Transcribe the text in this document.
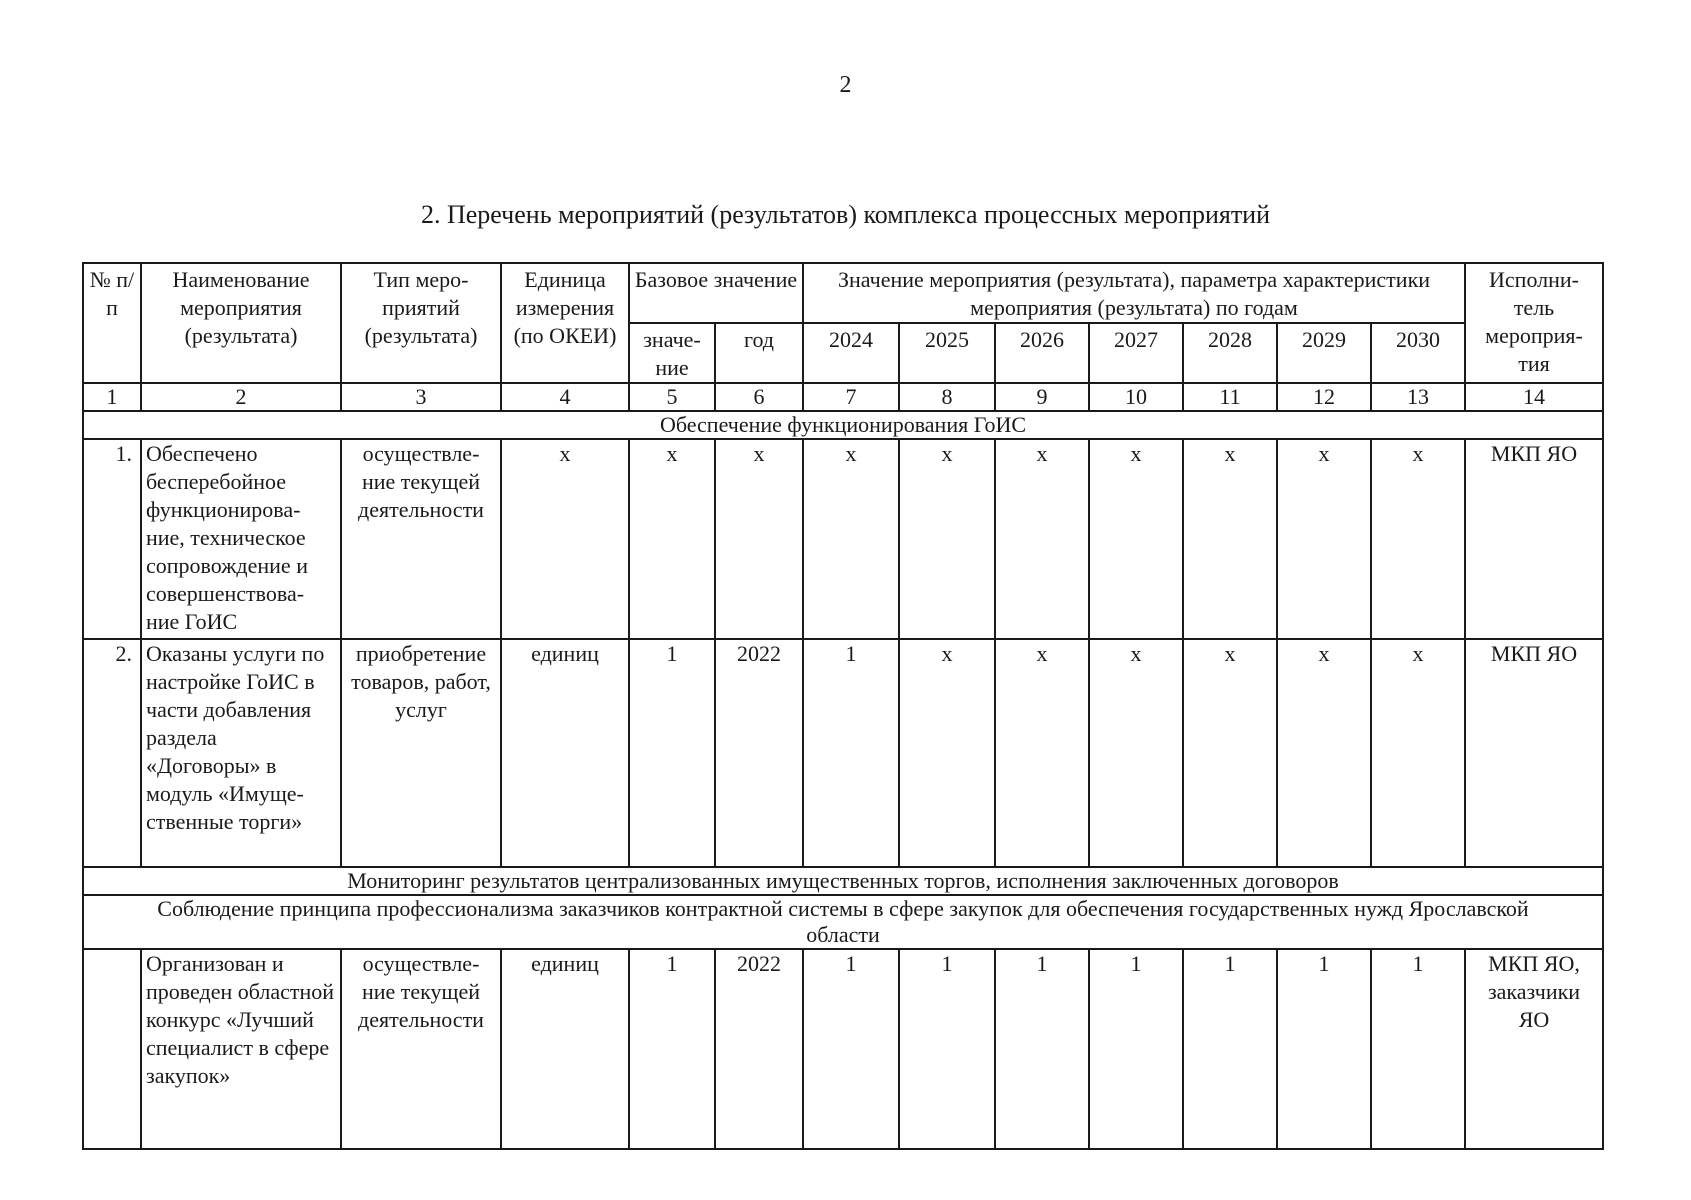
2
2. Перечень мероприятий (результатов) комплекса процессных мероприятий
№ п/п	Наименование мероприятия (результата)	Тип меро-приятий (результата)	Единица измерения (по ОКЕИ)	Базовое значение		Значение мероприятия (результата), параметра характеристики мероприятия (результата) по годам							Исполни-тель мероприя-тия
				значе-ние	год	2024	2025	2026	2027	2028	2029	2030	
1	2	3	4	5	6	7	8	9	10	11	12	13	14
Обеспечение функционирования ГоИС													
1.	Обеспечено бесперебойное функционирова-ние, техническое сопровождение и совершенствова-ние ГоИС	осуществле-ние текущей деятельности	х	х	х	х	х	х	х	х	х	х	МКП ЯО
2.	Оказаны услуги по настройке ГоИС в части добавления раздела «Договоры» в модуль «Имуще-ственные торги»	приобретение товаров, работ, услуг	единиц	1	2022	1	х	х	х	х	х	х	МКП ЯО
Мониторинг результатов централизованных имущественных торгов, исполнения заключенных договоров													
Соблюдение принципа профессионализма заказчиков контрактной системы в сфере закупок для обеспечения государственных нужд Ярославской области													
	Организован и проведен областной конкурс «Лучший специалист в сфере закупок»	осуществле-ние текущей деятельности	единиц	1	2022	1	1	1	1	1	1	1	МКП ЯО, заказчики ЯО
